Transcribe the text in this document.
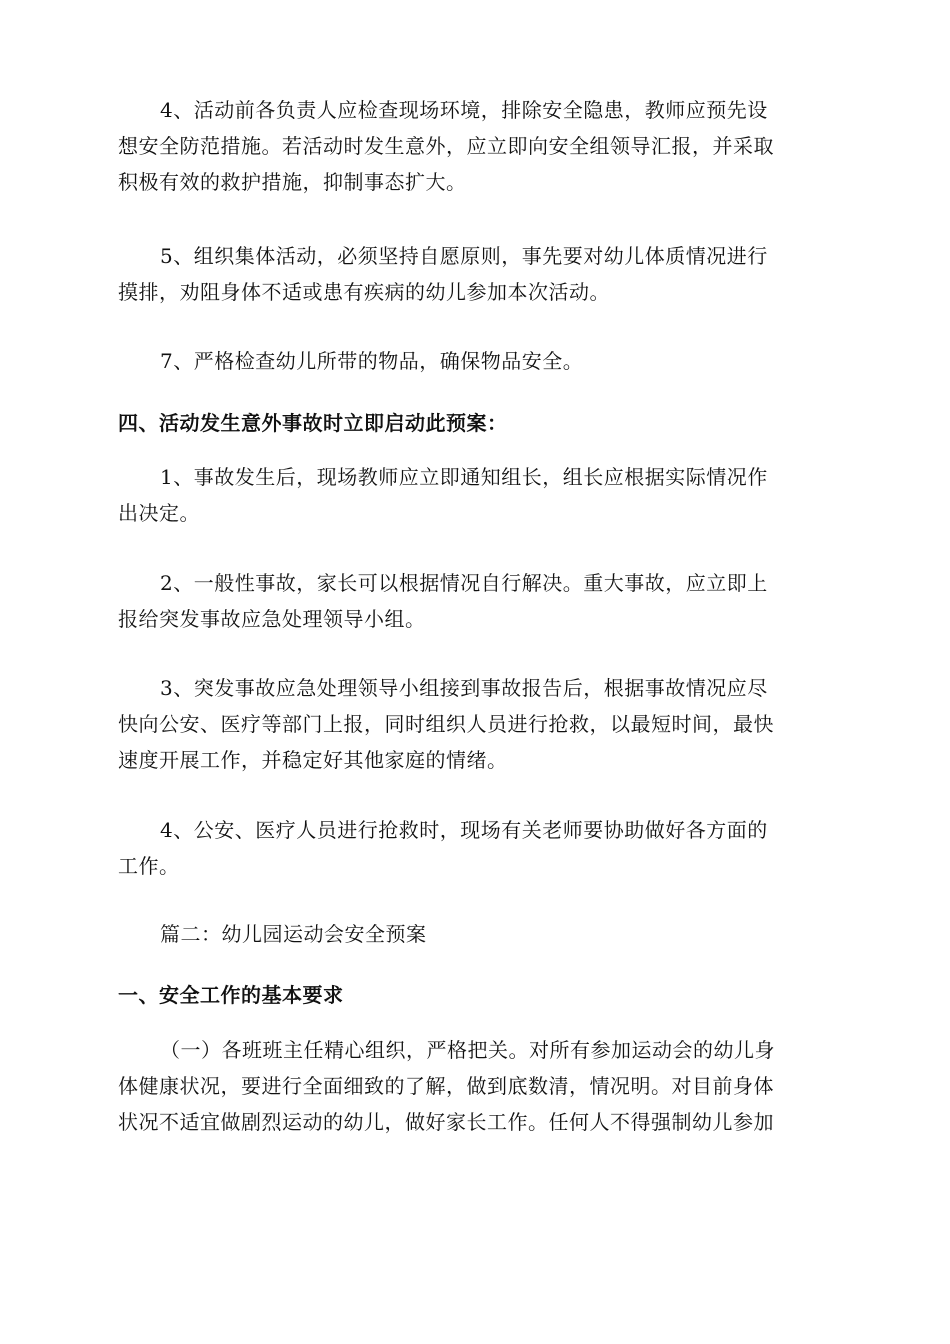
4、活动前各负责人应检查现场环境，排除安全隐患，教师应预先设
想安全防范措施。若活动时发生意外，应立即向安全组领导汇报，并采取
积极有效的救护措施，抑制事态扩大。

5、组织集体活动，必须坚持自愿原则，事先要对幼儿体质情况进行
摸排，劝阻身体不适或患有疾病的幼儿参加本次活动。

7、严格检查幼儿所带的物品，确保物品安全。

四、活动发生意外事故时立即启动此预案：

1、事故发生后，现场教师应立即通知组长，组长应根据实际情况作
出决定。

2、一般性事故，家长可以根据情况自行解决。重大事故，应立即上
报给突发事故应急处理领导小组。

3、突发事故应急处理领导小组接到事故报告后，根据事故情况应尽
快向公安、医疗等部门上报，同时组织人员进行抢救，以最短时间，最快
速度开展工作，并稳定好其他家庭的情绪。

4、公安、医疗人员进行抢救时，现场有关老师要协助做好各方面的
工作。

篇二：幼儿园运动会安全预案

一、安全工作的基本要求

（一）各班班主任精心组织，严格把关。对所有参加运动会的幼儿身
体健康状况，要进行全面细致的了解，做到底数清，情况明。对目前身体
状况不适宜做剧烈运动的幼儿，做好家长工作。任何人不得强制幼儿参加
